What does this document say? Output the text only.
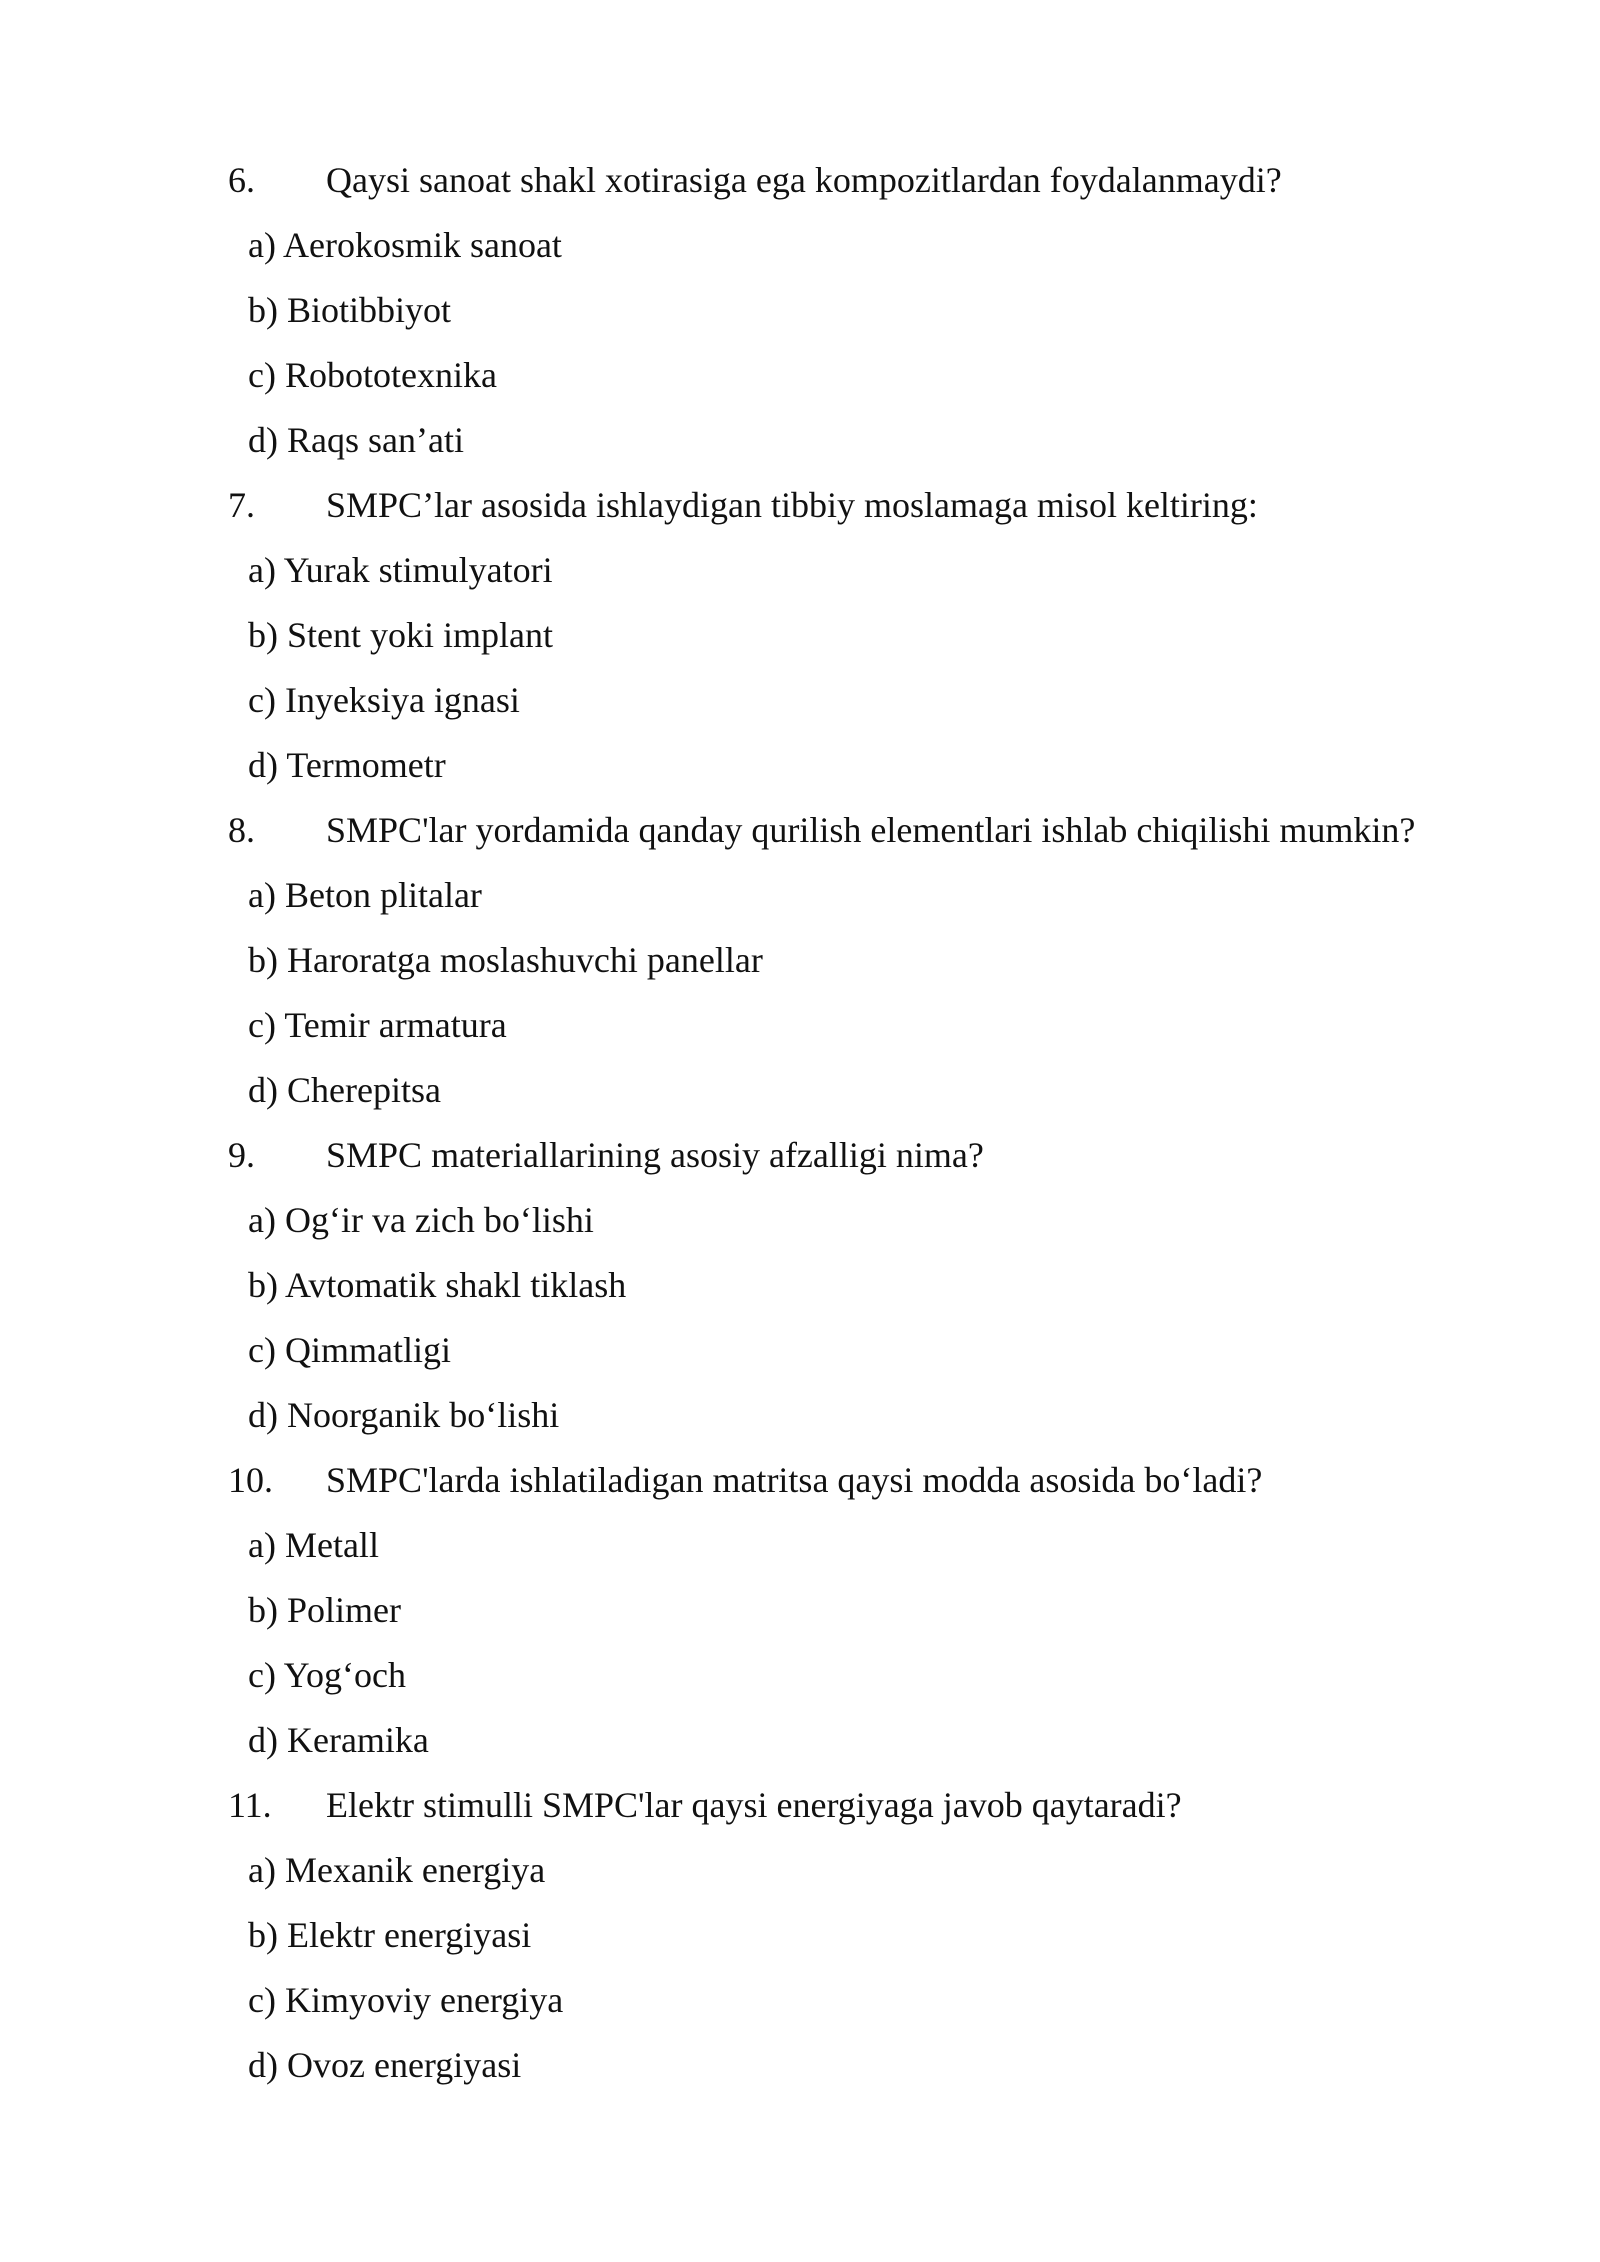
6. Qaysi sanoat shakl xotirasiga ega kompozitlardan foydalanmaydi?
a) Aerokosmik sanoat
b) Biotibbiyot
c) Robototexnika
d) Raqs san’ati
7. SMPC’lar asosida ishlaydigan tibbiy moslamaga misol keltiring:
a) Yurak stimulyatori
b) Stent yoki implant
c) Inyeksiya ignasi
d) Termometr
8. SMPC'lar yordamida qanday qurilish elementlari ishlab chiqilishi mumkin?
a) Beton plitalar
b) Haroratga moslashuvchi panellar
c) Temir armatura
d) Cherepitsa
9. SMPC materiallarining asosiy afzalligi nima?
a) Og‘ir va zich bo‘lishi
b) Avtomatik shakl tiklash
c) Qimmatligi
d) Noorganik bo‘lishi
10. SMPC'larda ishlatiladigan matritsa qaysi modda asosida bo‘ladi?
a) Metall
b) Polimer
c) Yog‘och
d) Keramika
11. Elektr stimulli SMPC'lar qaysi energiyaga javob qaytaradi?
a) Mexanik energiya
b) Elektr energiyasi
c) Kimyoviy energiya
d) Ovoz energiyasi
